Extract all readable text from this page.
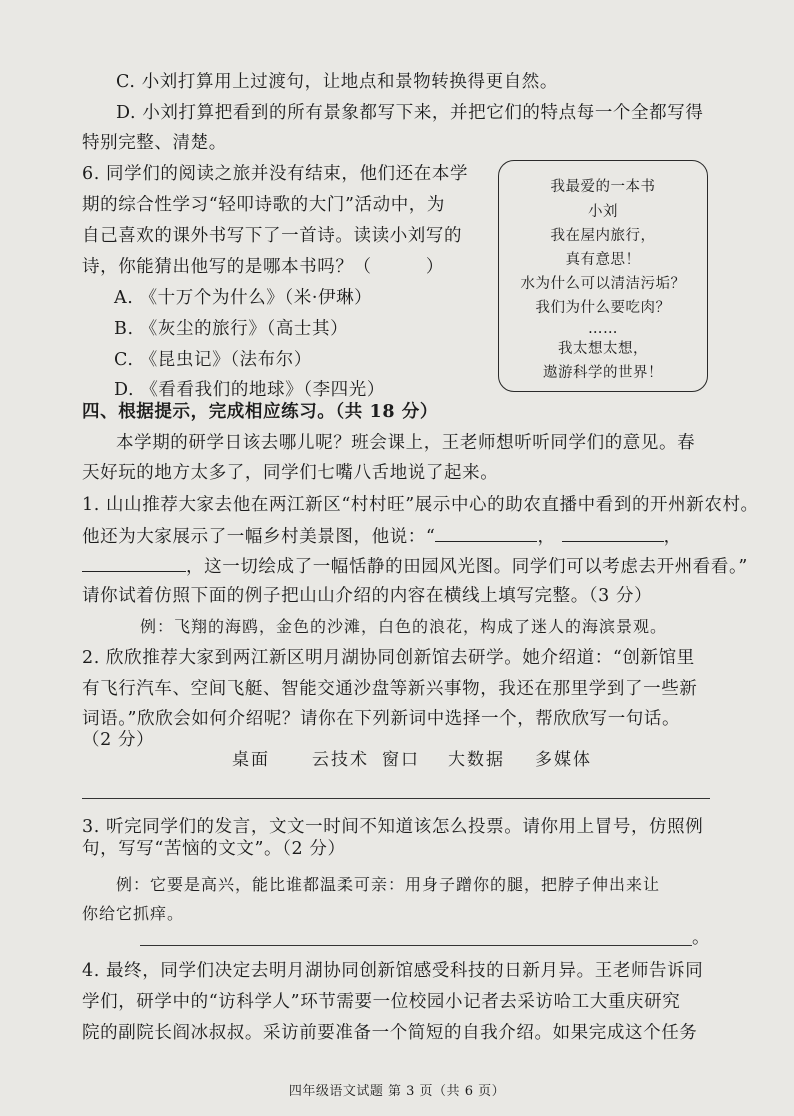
C. 小刘打算用上过渡句，让地点和景物转换得更自然。
D. 小刘打算把看到的所有景象都写下来，并把它们的特点每一个全都写得
特别完整、清楚。
6. 同学们的阅读之旅并没有结束，他们还在本学
期的综合性学习“轻叩诗歌的大门”活动中，为
自己喜欢的课外书写下了一首诗。读读小刘写的
诗，你能猜出他写的是哪本书吗？（　　　）
A. 《十万个为什么》（米·伊琳）
B. 《灰尘的旅行》（高士其）
C. 《昆虫记》（法布尔）
D. 《看看我们的地球》（李四光）
我最爱的一本书
小刘
我在屋内旅行，
真有意思！
水为什么可以清洁污垢？
我们为什么要吃肉？
……
我太想太想，
遨游科学的世界！
四、根据提示，完成相应练习。（共 18 分）
本学期的研学日该去哪儿呢？班会课上，王老师想听听同学们的意见。春
天好玩的地方太多了，同学们七嘴八舌地说了起来。
1. 山山推荐大家去他在两江新区“村村旺”展示中心的助农直播中看到的开州新农村。
他还为大家展示了一幅乡村美景图，他说：“	，	，
，这一切绘成了一幅恬静的田园风光图。同学们可以考虑去开州看看。”
请你试着仿照下面的例子把山山介绍的内容在横线上填写完整。（3 分）
例：飞翔的海鸥，金色的沙滩，白色的浪花，构成了迷人的海滨景观。
2. 欣欣推荐大家到两江新区明月湖协同创新馆去研学。她介绍道：“创新馆里
有飞行汽车、空间飞艇、智能交通沙盘等新兴事物，我还在那里学到了一些新
词语。”欣欣会如何介绍呢？请你在下列新词中选择一个，帮欣欣写一句话。
（2 分）
桌面 云技术 窗口 大数据 多媒体
3. 听完同学们的发言，文文一时间不知道该怎么投票。请你用上冒号，仿照例
句，写写“苦恼的文文”。（2 分）
例：它要是高兴，能比谁都温柔可亲：用身子蹭你的腿，把脖子伸出来让
你给它抓痒。
。
4. 最终，同学们决定去明月湖协同创新馆感受科技的日新月异。王老师告诉同
学们，研学中的“访科学人”环节需要一位校园小记者去采访哈工大重庆研究
院的副院长阎冰叔叔。采访前要准备一个简短的自我介绍。如果完成这个任务
四年级语文试题 第 3 页（共 6 页）
